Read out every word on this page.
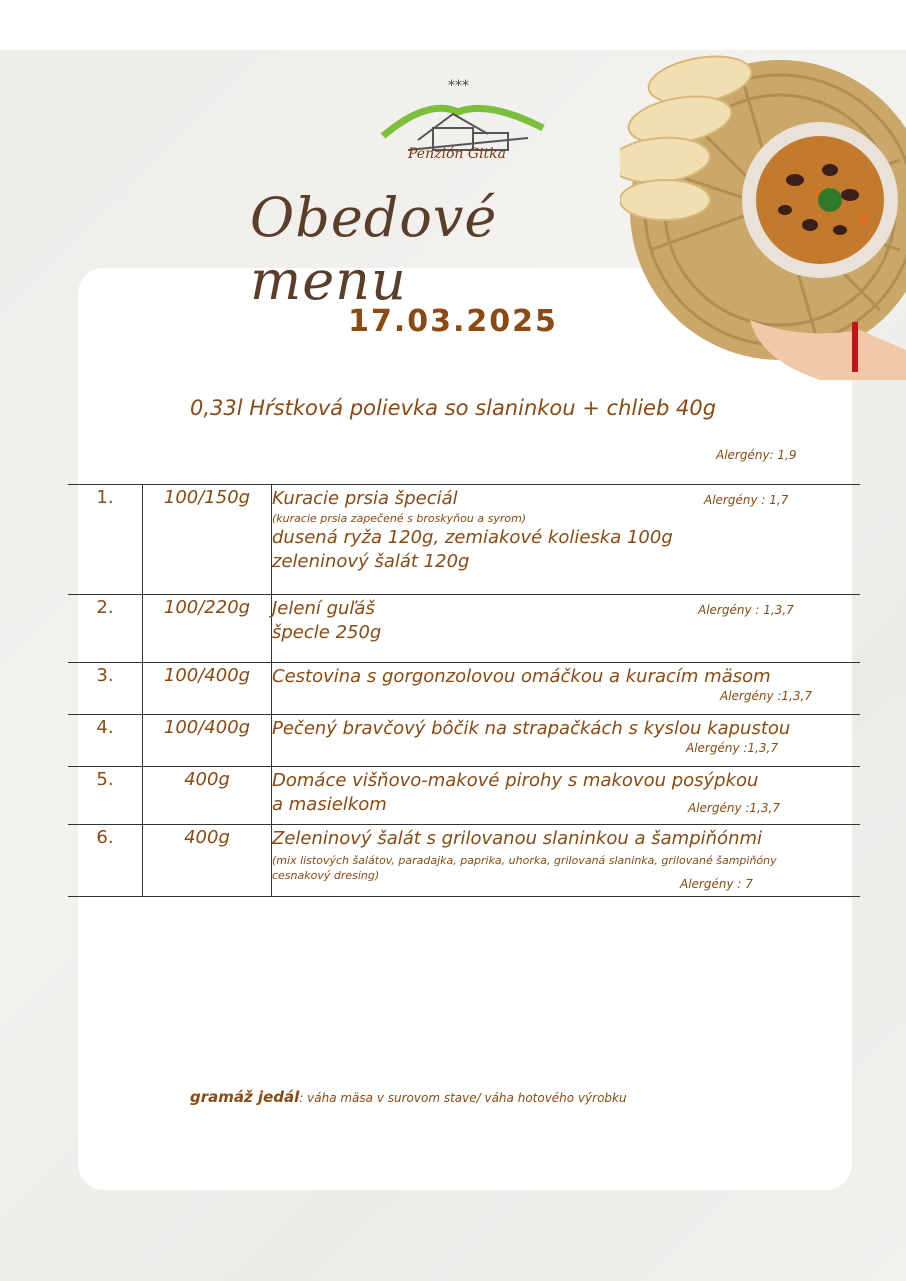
***
Penzión Gitka
Obedové menu
17.03.2025
0,33l Hŕstková polievka so slaninkou + chlieb 40g
Alergény: 1,9
1.	100/150g	Kuracie prsia špeciál Alergény : 1,7
(kuracie prsia zapečené s broskyňou a syrom)
dusená ryža 120g, zemiakové kolieska 100g
zeleninový šalát 120g

2.	100/220g	Jelení guľáš Alergény : 1,3,7
špecle 250g

3.	100/400g	Cestovina s gorgonzolovou omáčkou a kuracím mäsom
Alergény :1,3,7

4.	100/400g	Pečený bravčový bôčik na strapačkách s kyslou kapustou
Alergény :1,3,7

5.	400g	Domáce višňovo-makové pirohy s makovou posýpkou
a masielkom Alergény :1,3,7

6.	400g	Zeleninový šalát s grilovanou slaninkou a šampiňónmi
(mix listových šalátov, paradajka, paprika, uhorka, grilovaná slaninka, grilované šampiňóny
cesnakový dresing)
Alergény : 7
gramáž jedál: váha mäsa v surovom stave/ váha hotového výrobku
